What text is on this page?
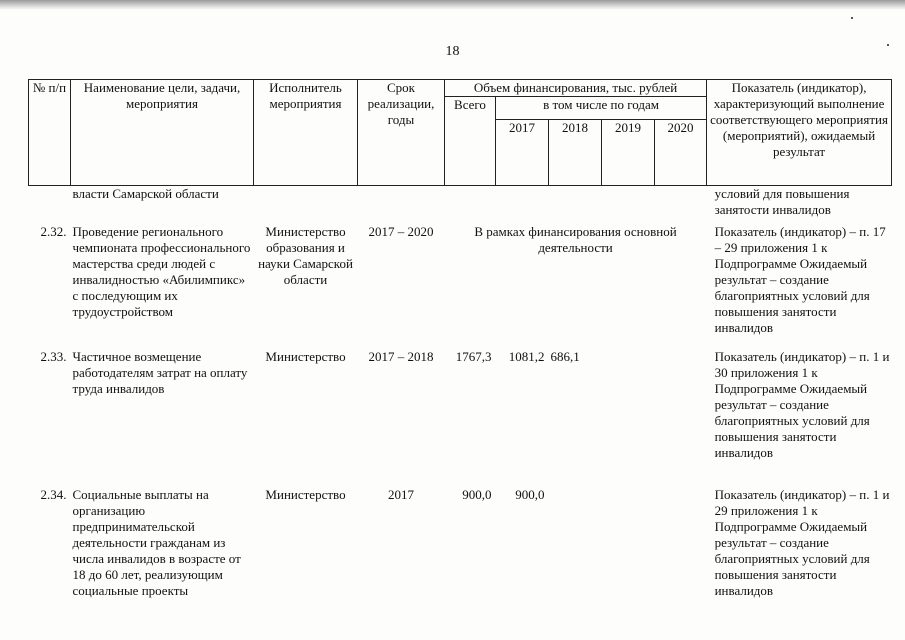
18
№ п/п	Наименование цели, задачи, мероприятия	Исполнитель мероприятия	Срок реализации, годы	Объем финансирования, тыс. рублей					Показатель (индикатор), характеризующий выполнение соответствующего мероприятия (мероприятий), ожидаемый результат
				Всего	в том числе по годам				
					2017	2018	2019	2020	
	власти Самарской области								условий для повышения занятости инвалидов
2.32.	Проведение регионального чемпионата профессионального мастерства среди людей с инвалидностью «Абилимпикс» с последующим их трудоустройством	Министерство образования и науки Самарской области	2017 – 2020	В рамках финансирования основной деятельности					Показатель (индикатор) – п. 17 – 29 приложения 1 к Подпрограмме Ожидаемый результат – создание благоприятных условий для повышения занятости инвалидов
2.33.	Частичное возмещение работодателям затрат на оплату труда инвалидов	Министерство	2017 – 2018	1767,3	1081,2	686,1			Показатель (индикатор) – п. 1 и 30 приложения 1 к Подпрограмме Ожидаемый результат – создание благоприятных условий для повышения занятости инвалидов
2.34.	Социальные выплаты на организацию предпринимательской деятельности гражданам из числа инвалидов в возрасте от 18 до 60 лет, реализующим социальные проекты	Министерство	2017	900,0	900,0				Показатель (индикатор) – п. 1 и 29 приложения 1 к Подпрограмме Ожидаемый результат – создание благоприятных условий для повышения занятости инвалидов
